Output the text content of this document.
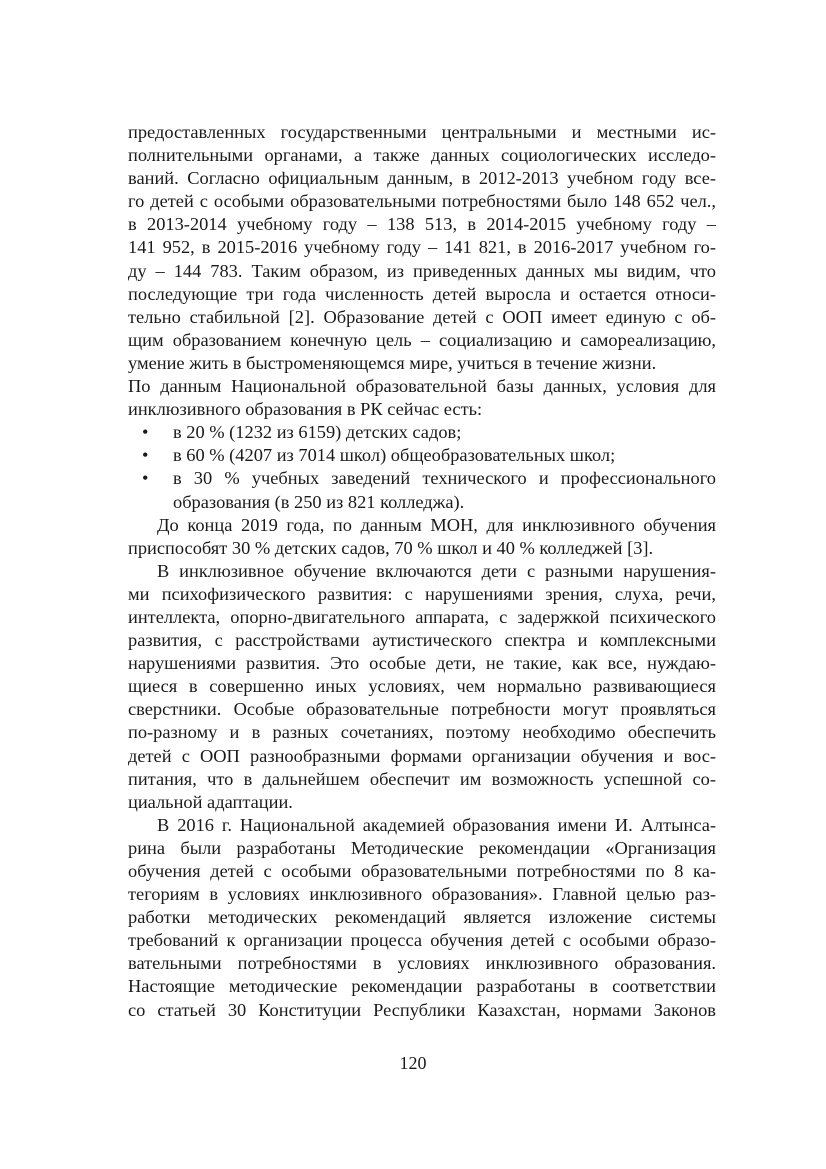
предоставленных государственными центральными и местными ис-
полнительными органами, а также данных социологических исследо-
ваний. Согласно официальным данным, в 2012-2013 учебном году все-
го детей с особыми образовательными потребностями было 148 652 чел.,
в 2013-2014 учебному году – 138 513, в 2014-2015 учебному году –
141 952, в 2015-2016 учебному году – 141 821, в 2016-2017 учебном го-
ду – 144 783. Таким образом, из приведенных данных мы видим, что
последующие три года численность детей выросла и остается относи-
тельно стабильной [2]. Образование детей с ООП имеет единую с об-
щим образованием конечную цель – социализацию и самореализацию,
умение жить в быстроменяющемся мире, учиться в течение жизни.

По данным Национальной образовательной базы данных, условия для
инклюзивного образования в РК сейчас есть:

• в 20 % (1232 из 6159) детских садов;
• в 60 % (4207 из 7014 школ) общеобразовательных школ;
• в 30 % учебных заведений технического и профессионального
образования (в 250 из 821 колледжа).

До конца 2019 года, по данным МОН, для инклюзивного обучения
приспособят 30 % детских садов, 70 % школ и 40 % колледжей [3].

В инклюзивное обучение включаются дети с разными нарушения-
ми психофизического развития: с нарушениями зрения, слуха, речи,
интеллекта, опорно-двигательного аппарата, с задержкой психического
развития, с расстройствами аутистического спектра и комплексными
нарушениями развития. Это особые дети, не такие, как все, нуждаю-
щиеся в совершенно иных условиях, чем нормально развивающиеся
сверстники. Особые образовательные потребности могут проявляться
по-разному и в разных сочетаниях, поэтому необходимо обеспечить
детей с ООП разнообразными формами организации обучения и вос-
питания, что в дальнейшем обеспечит им возможность успешной со-
циальной адаптации.

В 2016 г. Национальной академией образования имени И. Алтынса-
рина были разработаны Методические рекомендации «Организация
обучения детей с особыми образовательными потребностями по 8 ка-
тегориям в условиях инклюзивного образования». Главной целью раз-
работки методических рекомендаций является изложение системы
требований к организации процесса обучения детей с особыми образо-
вательными потребностями в условиях инклюзивного образования.
Настоящие методические рекомендации разработаны в соответствии
со статьей 30 Конституции Республики Казахстан, нормами Законов

120
